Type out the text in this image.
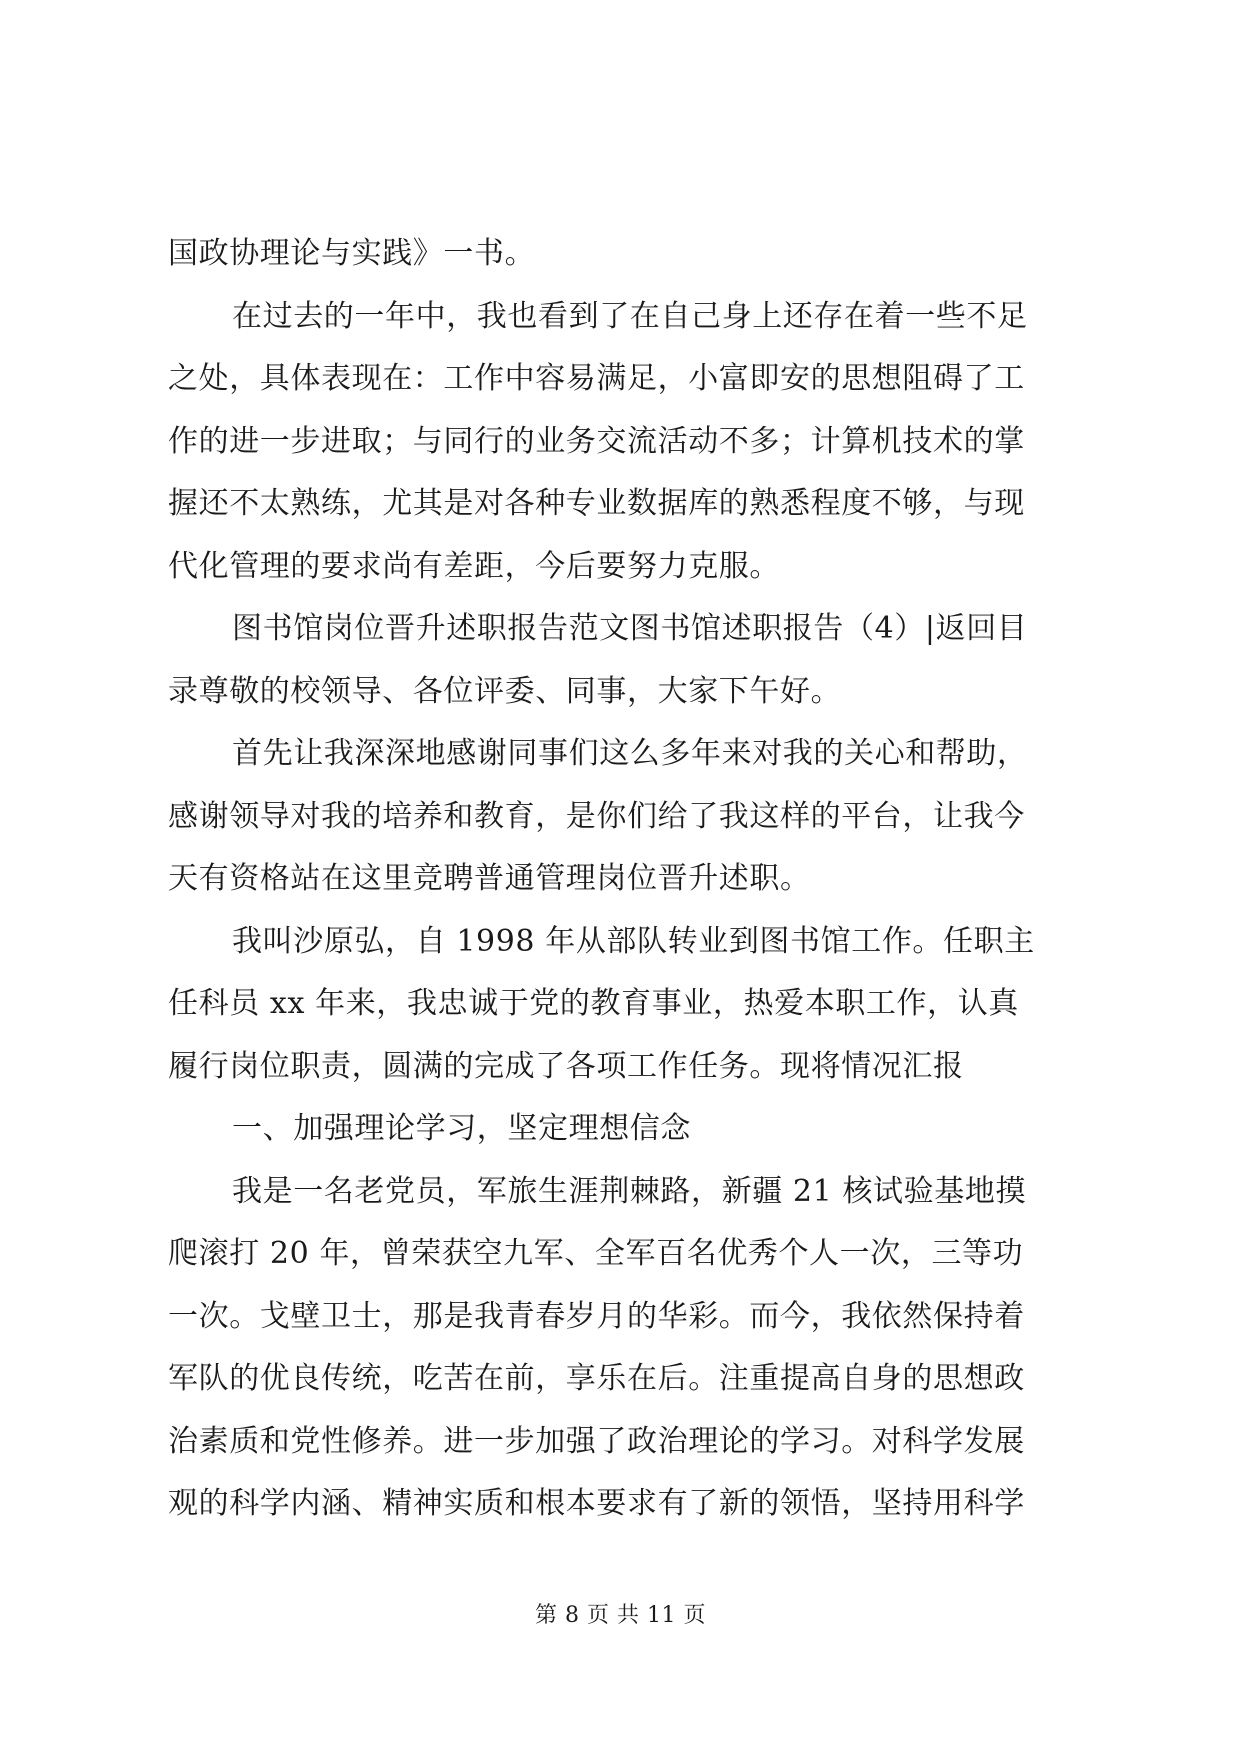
国政协理论与实践》一书。
在过去的一年中，我也看到了在自己身上还存在着一些不足
之处，具体表现在：工作中容易满足，小富即安的思想阻碍了工
作的进一步进取；与同行的业务交流活动不多；计算机技术的掌
握还不太熟练，尤其是对各种专业数据库的熟悉程度不够，与现
代化管理的要求尚有差距，今后要努力克服。
图书馆岗位晋升述职报告范文图书馆述职报告（4）|返回目
录尊敬的校领导、各位评委、同事，大家下午好。
首先让我深深地感谢同事们这么多年来对我的关心和帮助，
感谢领导对我的培养和教育，是你们给了我这样的平台，让我今
天有资格站在这里竞聘普通管理岗位晋升述职。
我叫沙原弘，自 1998 年从部队转业到图书馆工作。任职主
任科员 xx 年来，我忠诚于党的教育事业，热爱本职工作，认真
履行岗位职责，圆满的完成了各项工作任务。现将情况汇报
一、加强理论学习，坚定理想信念
我是一名老党员，军旅生涯荆棘路，新疆 21 核试验基地摸
爬滚打 20 年，曾荣获空九军、全军百名优秀个人一次，三等功
一次。戈壁卫士，那是我青春岁月的华彩。而今，我依然保持着
军队的优良传统，吃苦在前，享乐在后。注重提高自身的思想政
治素质和党性修养。进一步加强了政治理论的学习。对科学发展
观的科学内涵、精神实质和根本要求有了新的领悟，坚持用科学
第 8 页 共 11 页
